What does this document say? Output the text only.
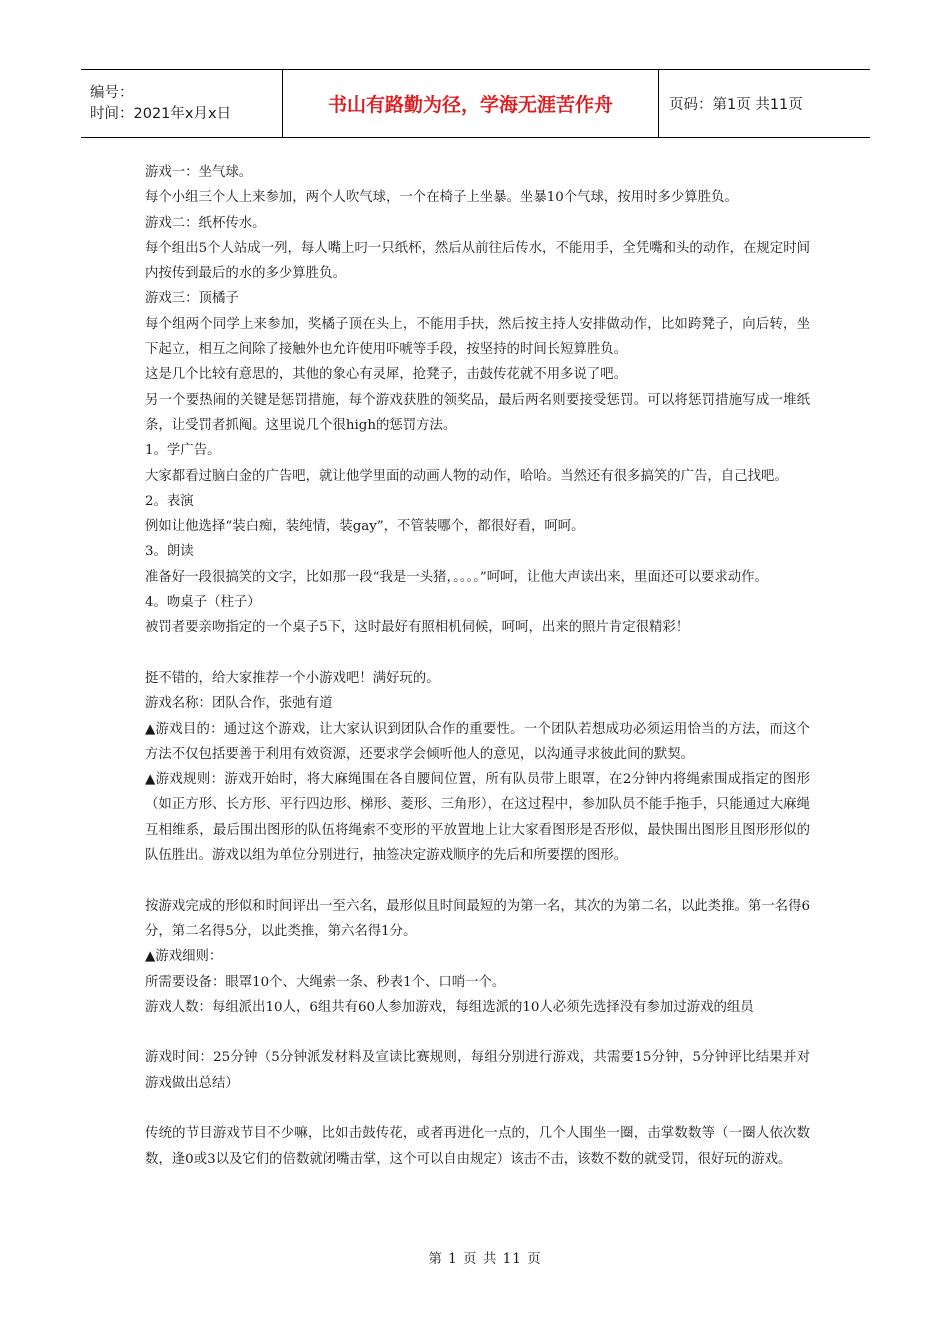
编号：
时间：2021年x月x日	书山有路勤为径，学海无涯苦作舟	页码：第1页 共11页

游戏一：坐气球。

每个小组三个人上来参加，两个人吹气球，一个在椅子上坐暴。坐暴10个气球，按用时多少算胜负。

游戏二：纸杯传水。

每个组出5个人站成一列，每人嘴上叼一只纸杯，然后从前往后传水，不能用手，全凭嘴和头的动作，在规定时间内按传到最后的水的多少算胜负。

游戏三：顶橘子

每个组两个同学上来参加，奖橘子顶在头上，不能用手扶，然后按主持人安排做动作，比如跨凳子，向后转，坐下起立，相互之间除了接触外也允许使用吓唬等手段，按坚持的时间长短算胜负。

这是几个比较有意思的，其他的象心有灵犀，抢凳子，击鼓传花就不用多说了吧。

另一个要热闹的关键是惩罚措施，每个游戏获胜的领奖品，最后两名则要接受惩罚。可以将惩罚措施写成一堆纸条，让受罚者抓阄。这里说几个很high的惩罚方法。

1。学广告。

大家都看过脑白金的广告吧，就让他学里面的动画人物的动作，哈哈。当然还有很多搞笑的广告，自己找吧。

2。表演

例如让他选择“装白痴，装纯情，装gay”，不管装哪个，都很好看，呵呵。

3。朗读

准备好一段很搞笑的文字，比如那一段“我是一头猪，。。。。”呵呵，让他大声读出来，里面还可以要求动作。

4。吻桌子（柱子）

被罚者要亲吻指定的一个桌子5下，这时最好有照相机伺候，呵呵，出来的照片肯定很精彩！

挺不错的，给大家推荐一个小游戏吧！满好玩的。

游戏名称：团队合作，张弛有道

▲游戏目的：通过这个游戏，让大家认识到团队合作的重要性。一个团队若想成功必须运用恰当的方法，而这个方法不仅包括要善于利用有效资源，还要求学会倾听他人的意见，以沟通寻求彼此间的默契。

▲游戏规则：游戏开始时，将大麻绳围在各自腰间位置，所有队员带上眼罩，在2分钟内将绳索围成指定的图形（如正方形、长方形、平行四边形、梯形、菱形、三角形），在这过程中，参加队员不能手拖手，只能通过大麻绳互相维系，最后围出图形的队伍将绳索不变形的平放置地上让大家看图形是否形似，最快围出图形且图形形似的队伍胜出。游戏以组为单位分别进行，抽签决定游戏顺序的先后和所要摆的图形。

按游戏完成的形似和时间评出一至六名，最形似且时间最短的为第一名，其次的为第二名，以此类推。第一名得6分，第二名得5分，以此类推，第六名得1分。

▲游戏细则：

所需要设备：眼罩10个、大绳索一条、秒表1个、口哨一个。

游戏人数：每组派出10人，6组共有60人参加游戏，每组选派的10人必须先选择没有参加过游戏的组员

游戏时间：25分钟（5分钟派发材料及宣读比赛规则，每组分别进行游戏，共需要15分钟，5分钟评比结果并对游戏做出总结）

传统的节目游戏节目不少嘛，比如击鼓传花，或者再进化一点的，几个人围坐一圈，击掌数数等（一圈人依次数数，逢0或3以及它们的倍数就闭嘴击掌，这个可以自由规定）该击不击，该数不数的就受罚，很好玩的游戏。

第 1 页 共 11 页
